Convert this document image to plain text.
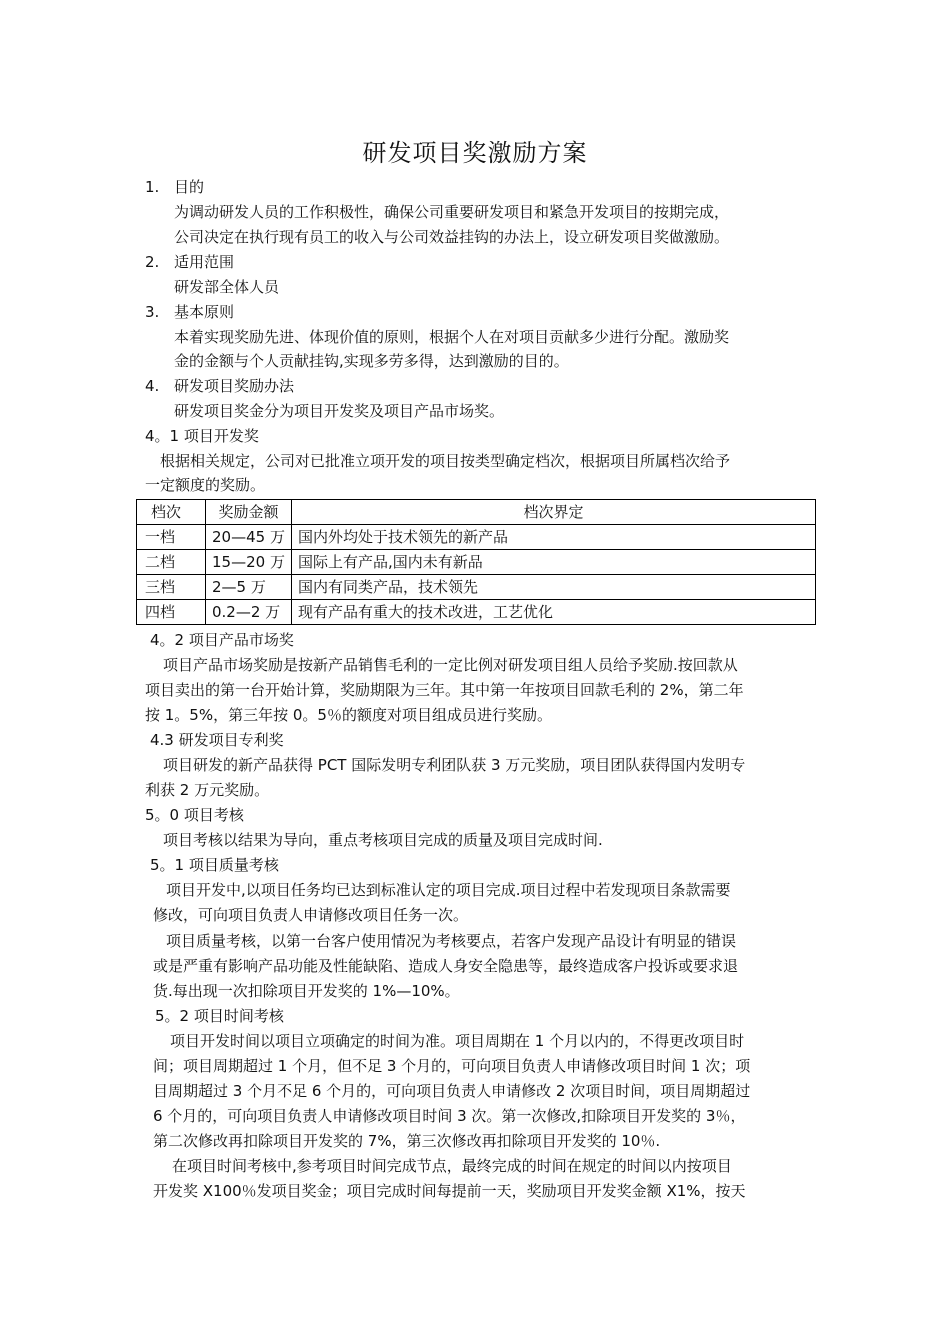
研发项目奖激励方案
1. 目的
为调动研发人员的工作积极性，确保公司重要研发项目和紧急开发项目的按期完成，
公司决定在执行现有员工的收入与公司效益挂钩的办法上，设立研发项目奖做激励。
2. 适用范围
研发部全体人员
3. 基本原则
本着实现奖励先进、体现价值的原则，根据个人在对项目贡献多少进行分配。激励奖
金的金额与个人贡献挂钩,实现多劳多得，达到激励的目的。
4. 研发项目奖励办法
研发项目奖金分为项目开发奖及项目产品市场奖。
4。1 项目开发奖
根据相关规定，公司对已批准立项开发的项目按类型确定档次，根据项目所属档次给予
一定额度的奖励。
档次	奖励金额	档次界定
一档	20—45 万	国内外均处于技术领先的新产品
二档	15—20 万	国际上有产品,国内未有新品
三档	2—5 万	国内有同类产品，技术领先
四档	0.2—2 万	现有产品有重大的技术改进，工艺优化
4。2 项目产品市场奖
项目产品市场奖励是按新产品销售毛利的一定比例对研发项目组人员给予奖励.按回款从
项目卖出的第一台开始计算，奖励期限为三年。其中第一年按项目回款毛利的 2%，第二年
按 1。5%，第三年按 0。5％的额度对项目组成员进行奖励。
4.3 研发项目专利奖
项目研发的新产品获得 PCT 国际发明专利团队获 3 万元奖励，项目团队获得国内发明专
利获 2 万元奖励。
5。0 项目考核
项目考核以结果为导向，重点考核项目完成的质量及项目完成时间.
5。1 项目质量考核
项目开发中,以项目任务均已达到标准认定的项目完成.项目过程中若发现项目条款需要
修改，可向项目负责人申请修改项目任务一次。
项目质量考核，以第一台客户使用情况为考核要点，若客户发现产品设计有明显的错误
或是严重有影响产品功能及性能缺陷、造成人身安全隐患等，最终造成客户投诉或要求退
货.每出现一次扣除项目开发奖的 1%—10%。
5。2 项目时间考核
项目开发时间以项目立项确定的时间为准。项目周期在 1 个月以内的，不得更改项目时
间；项目周期超过 1 个月，但不足 3 个月的，可向项目负责人申请修改项目时间 1 次；项
目周期超过 3 个月不足 6 个月的，可向项目负责人申请修改 2 次项目时间，项目周期超过
6 个月的，可向项目负责人申请修改项目时间 3 次。第一次修改,扣除项目开发奖的 3％，
第二次修改再扣除项目开发奖的 7%，第三次修改再扣除项目开发奖的 10％.
在项目时间考核中,参考项目时间完成节点，最终完成的时间在规定的时间以内按项目
开发奖 X100％发项目奖金；项目完成时间每提前一天，奖励项目开发奖金额 X1%，按天
